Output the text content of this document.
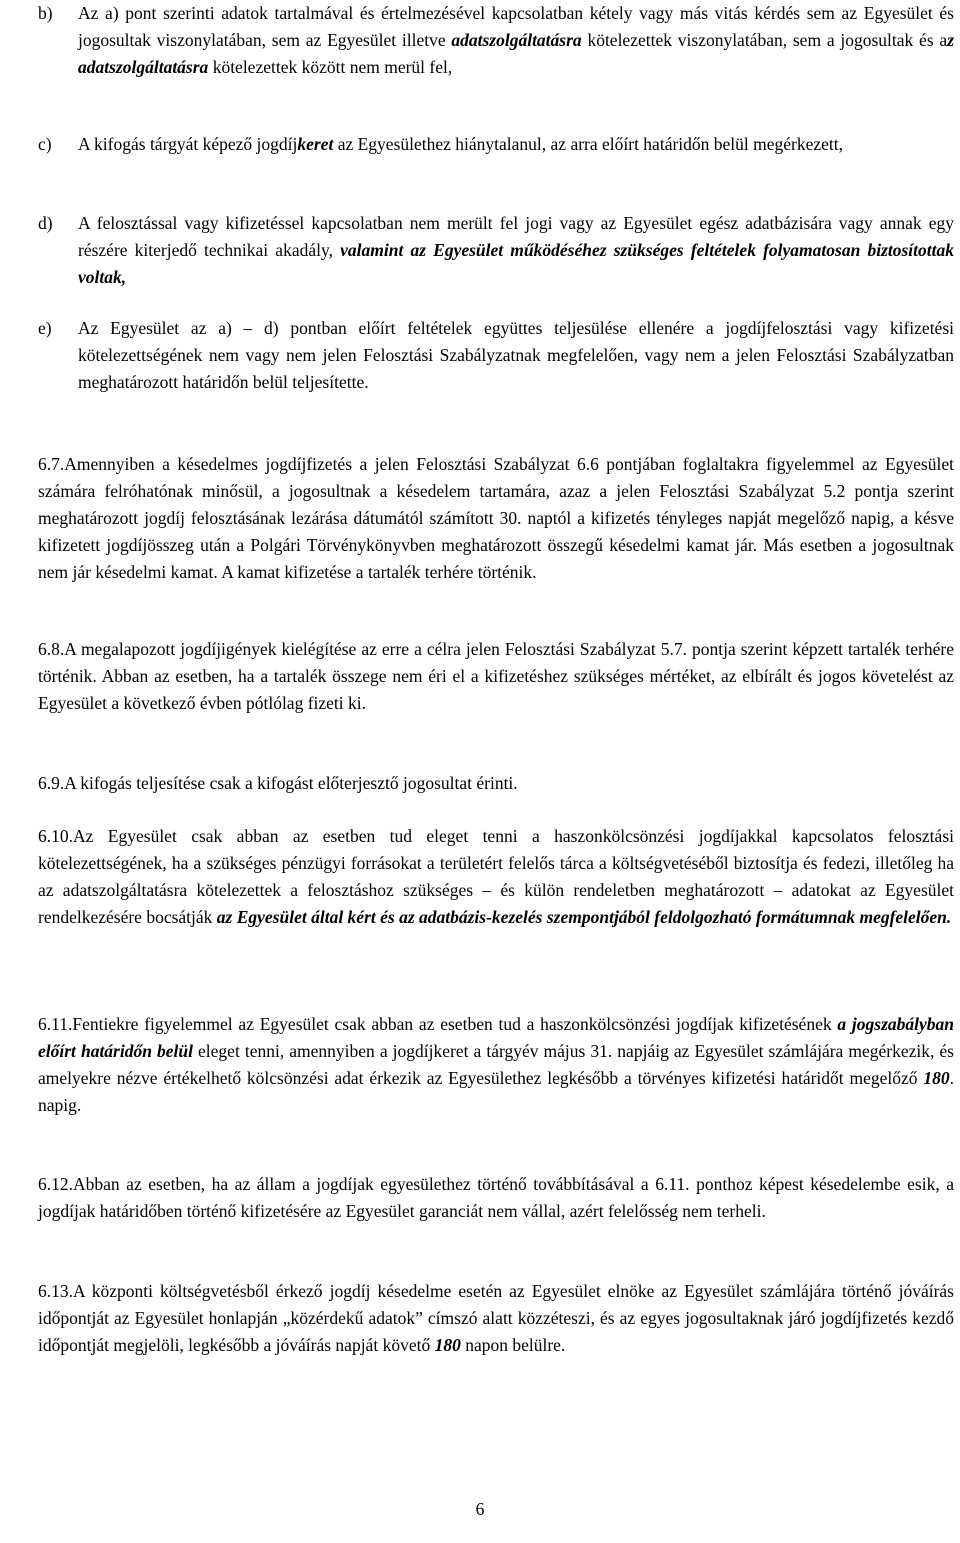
b) Az a) pont szerinti adatok tartalmával és értelmezésével kapcsolatban kétely vagy más vitás kérdés sem az Egyesület és jogosultak viszonylatában, sem az Egyesület illetve adatszolgáltatásra kötelezettek viszonylatában, sem a jogosultak és az adatszolgáltatásra kötelezettek között nem merül fel,
c) A kifogás tárgyát képező jogdíjkeret az Egyesülethez hiánytalanul, az arra előírt határidőn belül megérkezett,
d) A felosztással vagy kifizetéssel kapcsolatban nem merült fel jogi vagy az Egyesület egész adatbázisára vagy annak egy részére kiterjedő technikai akadály, valamint az Egyesület működéséhez szükséges feltételek folyamatosan biztosítottak voltak,
e) Az Egyesület az a) – d) pontban előírt feltételek együttes teljesülése ellenére a jogdíjfelosztási vagy kifizetési kötelezettségének nem vagy nem jelen Felosztási Szabályzatnak megfelelően, vagy nem a jelen Felosztási Szabályzatban meghatározott határidőn belül teljesítette.
6.7.Amennyiben a késedelmes jogdíjfizetés a jelen Felosztási Szabályzat 6.6 pontjában foglaltakra figyelemmel az Egyesület számára felróhatónak minősül, a jogosultnak a késedelem tartamára, azaz a jelen Felosztási Szabályzat 5.2 pontja szerint meghatározott jogdíj felosztásának lezárása dátumától számított 30. naptól a kifizetés tényleges napját megelőző napig, a késve kifizetett jogdíjösszeg után a Polgári Törvénykönyvben meghatározott összegű késedelmi kamat jár. Más esetben a jogosultnak nem jár késedelmi kamat. A kamat kifizetése a tartalék terhére történik.
6.8.A megalapozott jogdíjigények kielégítése az erre a célra jelen Felosztási Szabályzat 5.7. pontja szerint képzett tartalék terhére történik. Abban az esetben, ha a tartalék összege nem éri el a kifizetéshez szükséges mértéket, az elbírált és jogos követelést az Egyesület a következő évben pótlólag fizeti ki.
6.9.A kifogás teljesítése csak a kifogást előterjesztő jogosultat érinti.
6.10.Az Egyesület csak abban az esetben tud eleget tenni a haszonkölcsönzési jogdíjakkal kapcsolatos felosztási kötelezettségének, ha a szükséges pénzügyi forrásokat a területért felelős tárca a költségvetéséből biztosítja és fedezi, illetőleg ha az adatszolgáltatásra kötelezettek a felosztáshoz szükséges – és külön rendeletben meghatározott – adatokat az Egyesület rendelkezésére bocsátják az Egyesület által kért és az adatbázis-kezelés szempontjából feldolgozható formátumnak megfelelően.
6.11.Fentiekre figyelemmel az Egyesület csak abban az esetben tud a haszonkölcsönzési jogdíjak kifizetésének a jogszabályban előírt határidőn belül eleget tenni, amennyiben a jogdíjkeret a tárgyév május 31. napjáig az Egyesület számlájára megérkezik, és amelyekre nézve értékelhető kölcsönzési adat érkezik az Egyesülethez legkésőbb a törvényes kifizetési határidőt megelőző 180. napig.
6.12.Abban az esetben, ha az állam a jogdíjak egyesülethez történő továbbításával a 6.11. ponthoz képest késedelembe esik, a jogdíjak határidőben történő kifizetésére az Egyesület garanciát nem vállal, azért felelősség nem terheli.
6.13.A központi költségvetésből érkező jogdíj késedelme esetén az Egyesület elnöke az Egyesület számlájára történő jóváírás időpontját az Egyesület honlapján „közérdekű adatok” címszó alatt közzéteszi, és az egyes jogosultaknak járó jogdíjfizetés kezdő időpontját megjelöli, legkésőbb a jóváírás napját követő 180 napon belülre.
6
